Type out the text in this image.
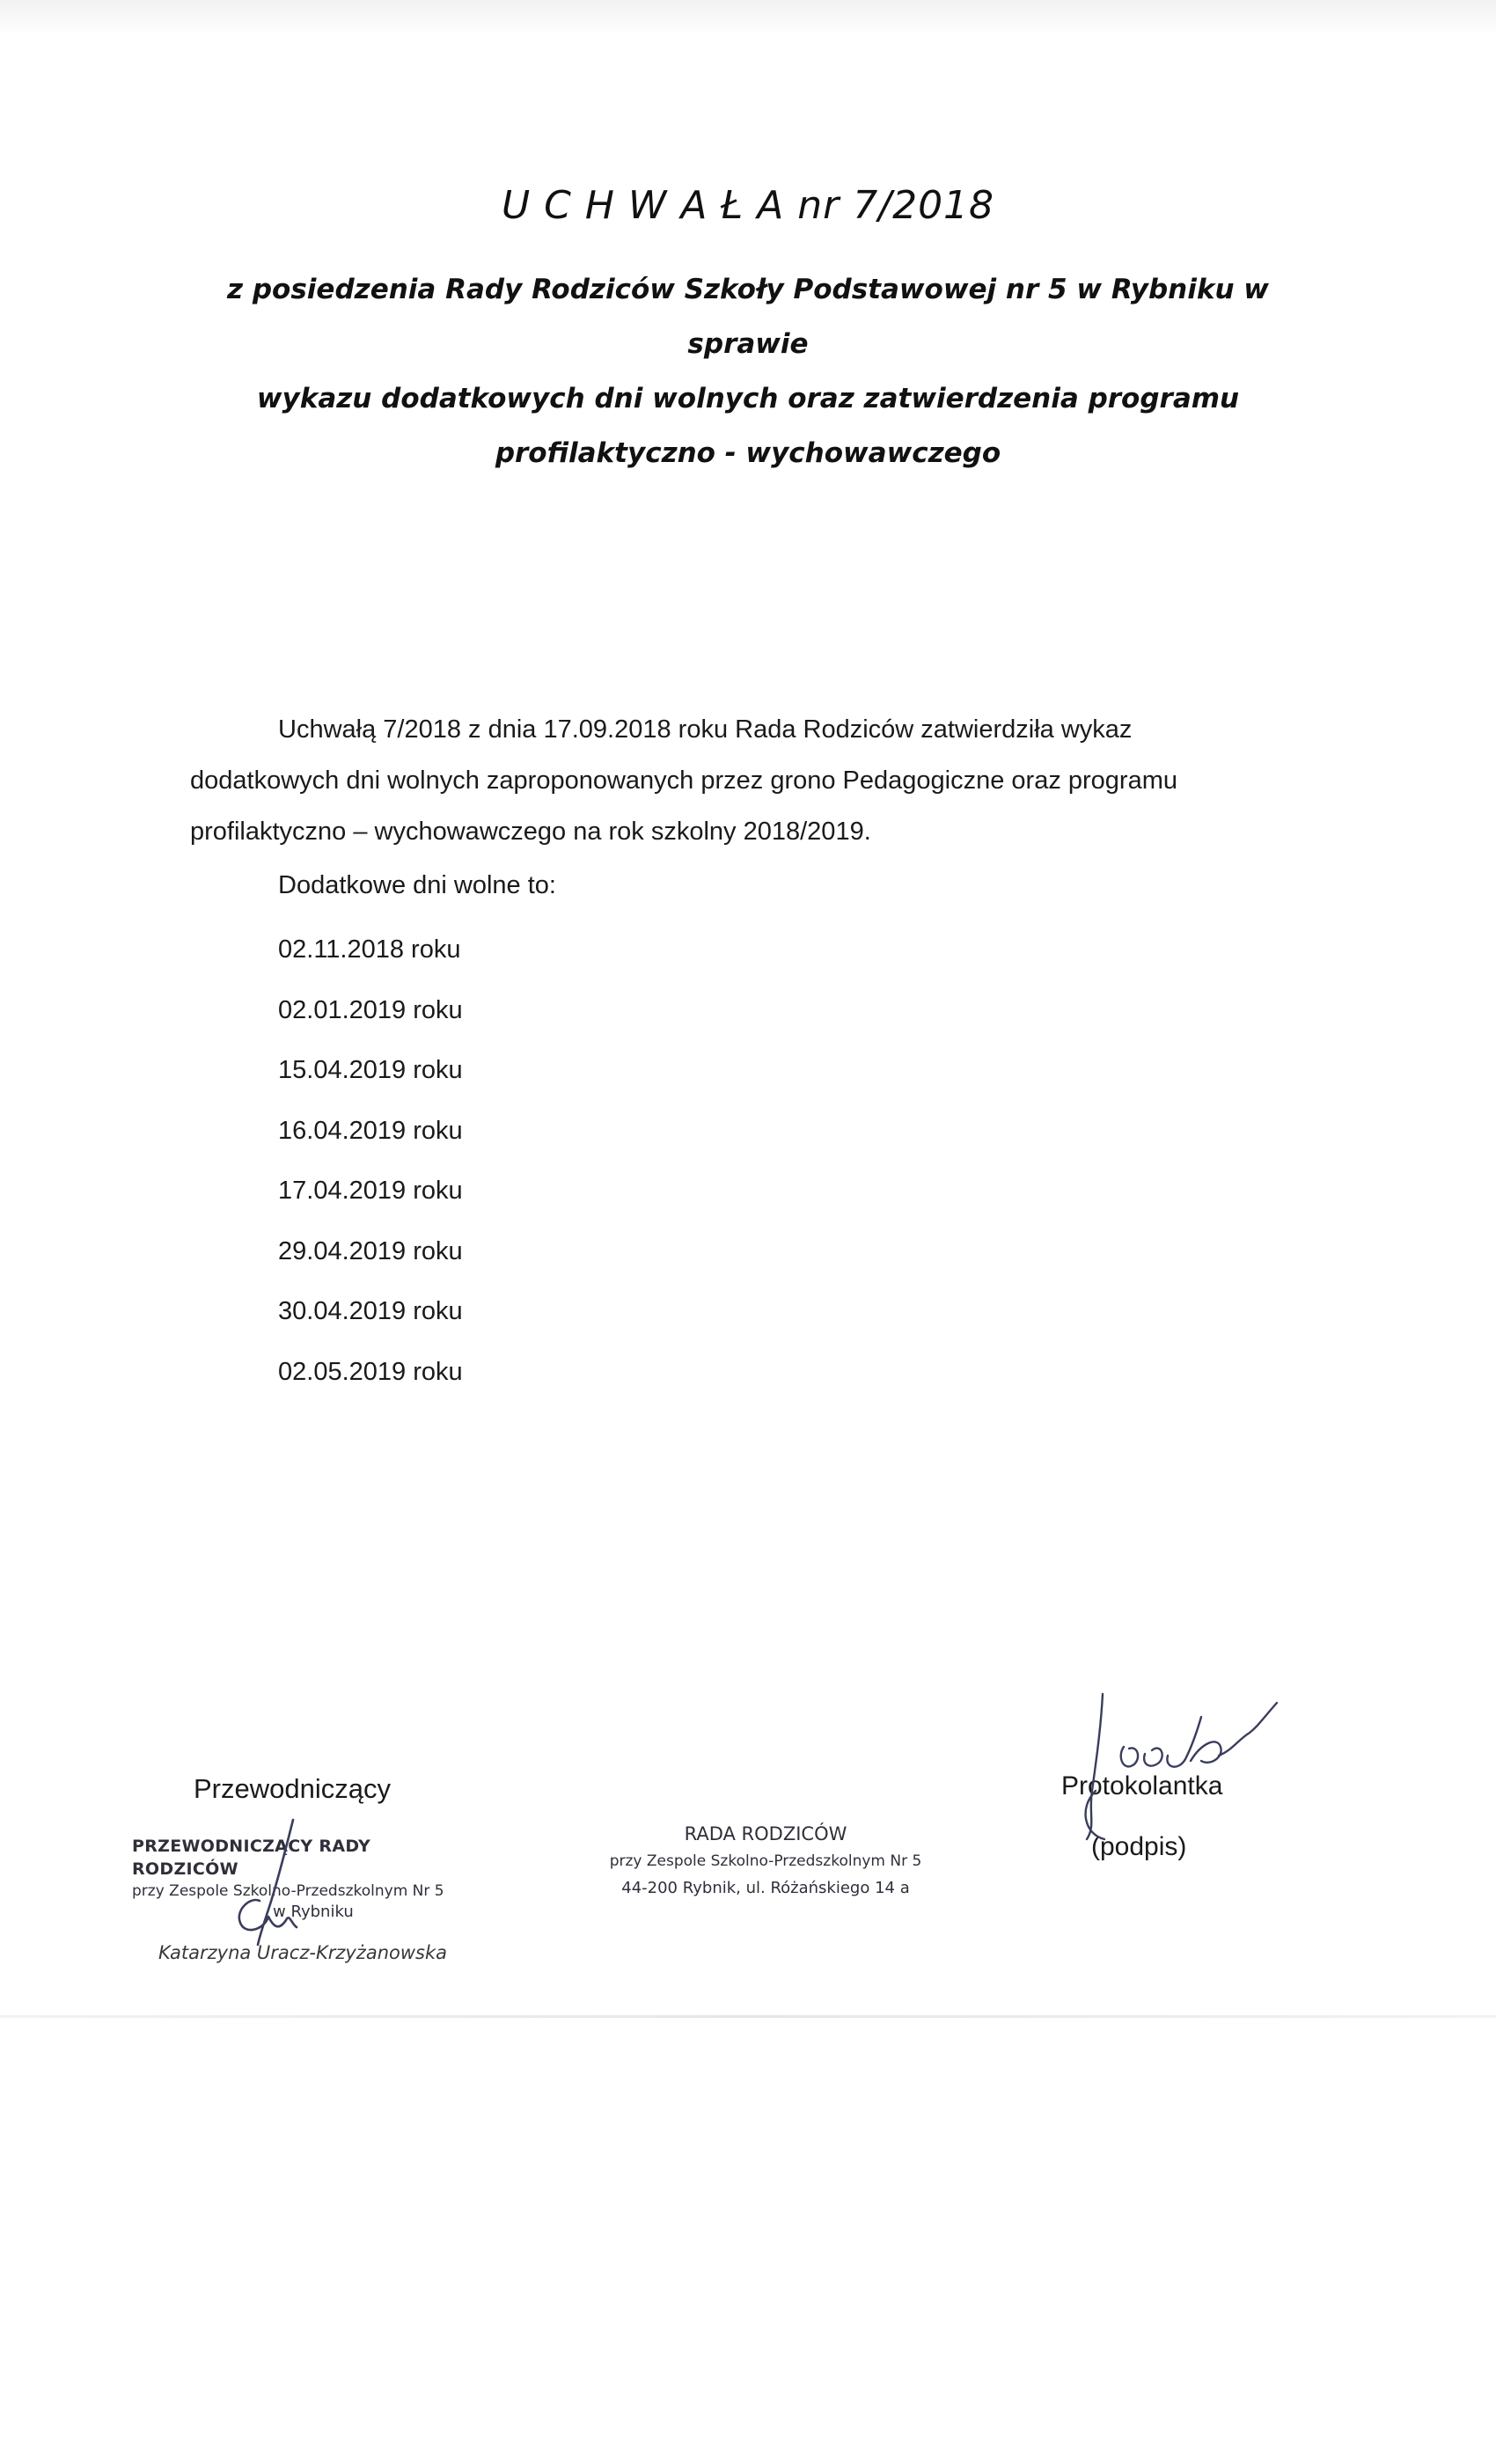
U C H W A Ł A nr 7/2018
z posiedzenia Rady Rodziców Szkoły Podstawowej nr 5 w Rybniku w sprawie
wykazu dodatkowych dni wolnych oraz zatwierdzenia programu
profilaktyczno - wychowawczego
Uchwałą 7/2018 z dnia 17.09.2018 roku Rada Rodziców zatwierdziła wykaz
dodatkowych dni wolnych zaproponowanych przez grono Pedagogiczne oraz programu
profilaktyczno – wychowawczego na rok szkolny 2018/2019.
Dodatkowe dni wolne to:
02.11.2018 roku
02.01.2019 roku
15.04.2019 roku
16.04.2019 roku
17.04.2019 roku
29.04.2019 roku
30.04.2019 roku
02.05.2019 roku
Przewodniczący
PRZEWODNICZĄCY RADY RODZICÓW
przy Zespole Szkolno-Przedszkolnym Nr 5
w Rybniku
Katarzyna Uracz-Krzyżanowska
RADA RODZICÓW
przy Zespole Szkolno-Przedszkolnym Nr 5
44-200 Rybnik, ul. Różańskiego 14 a
Protokolantka
(podpis)
